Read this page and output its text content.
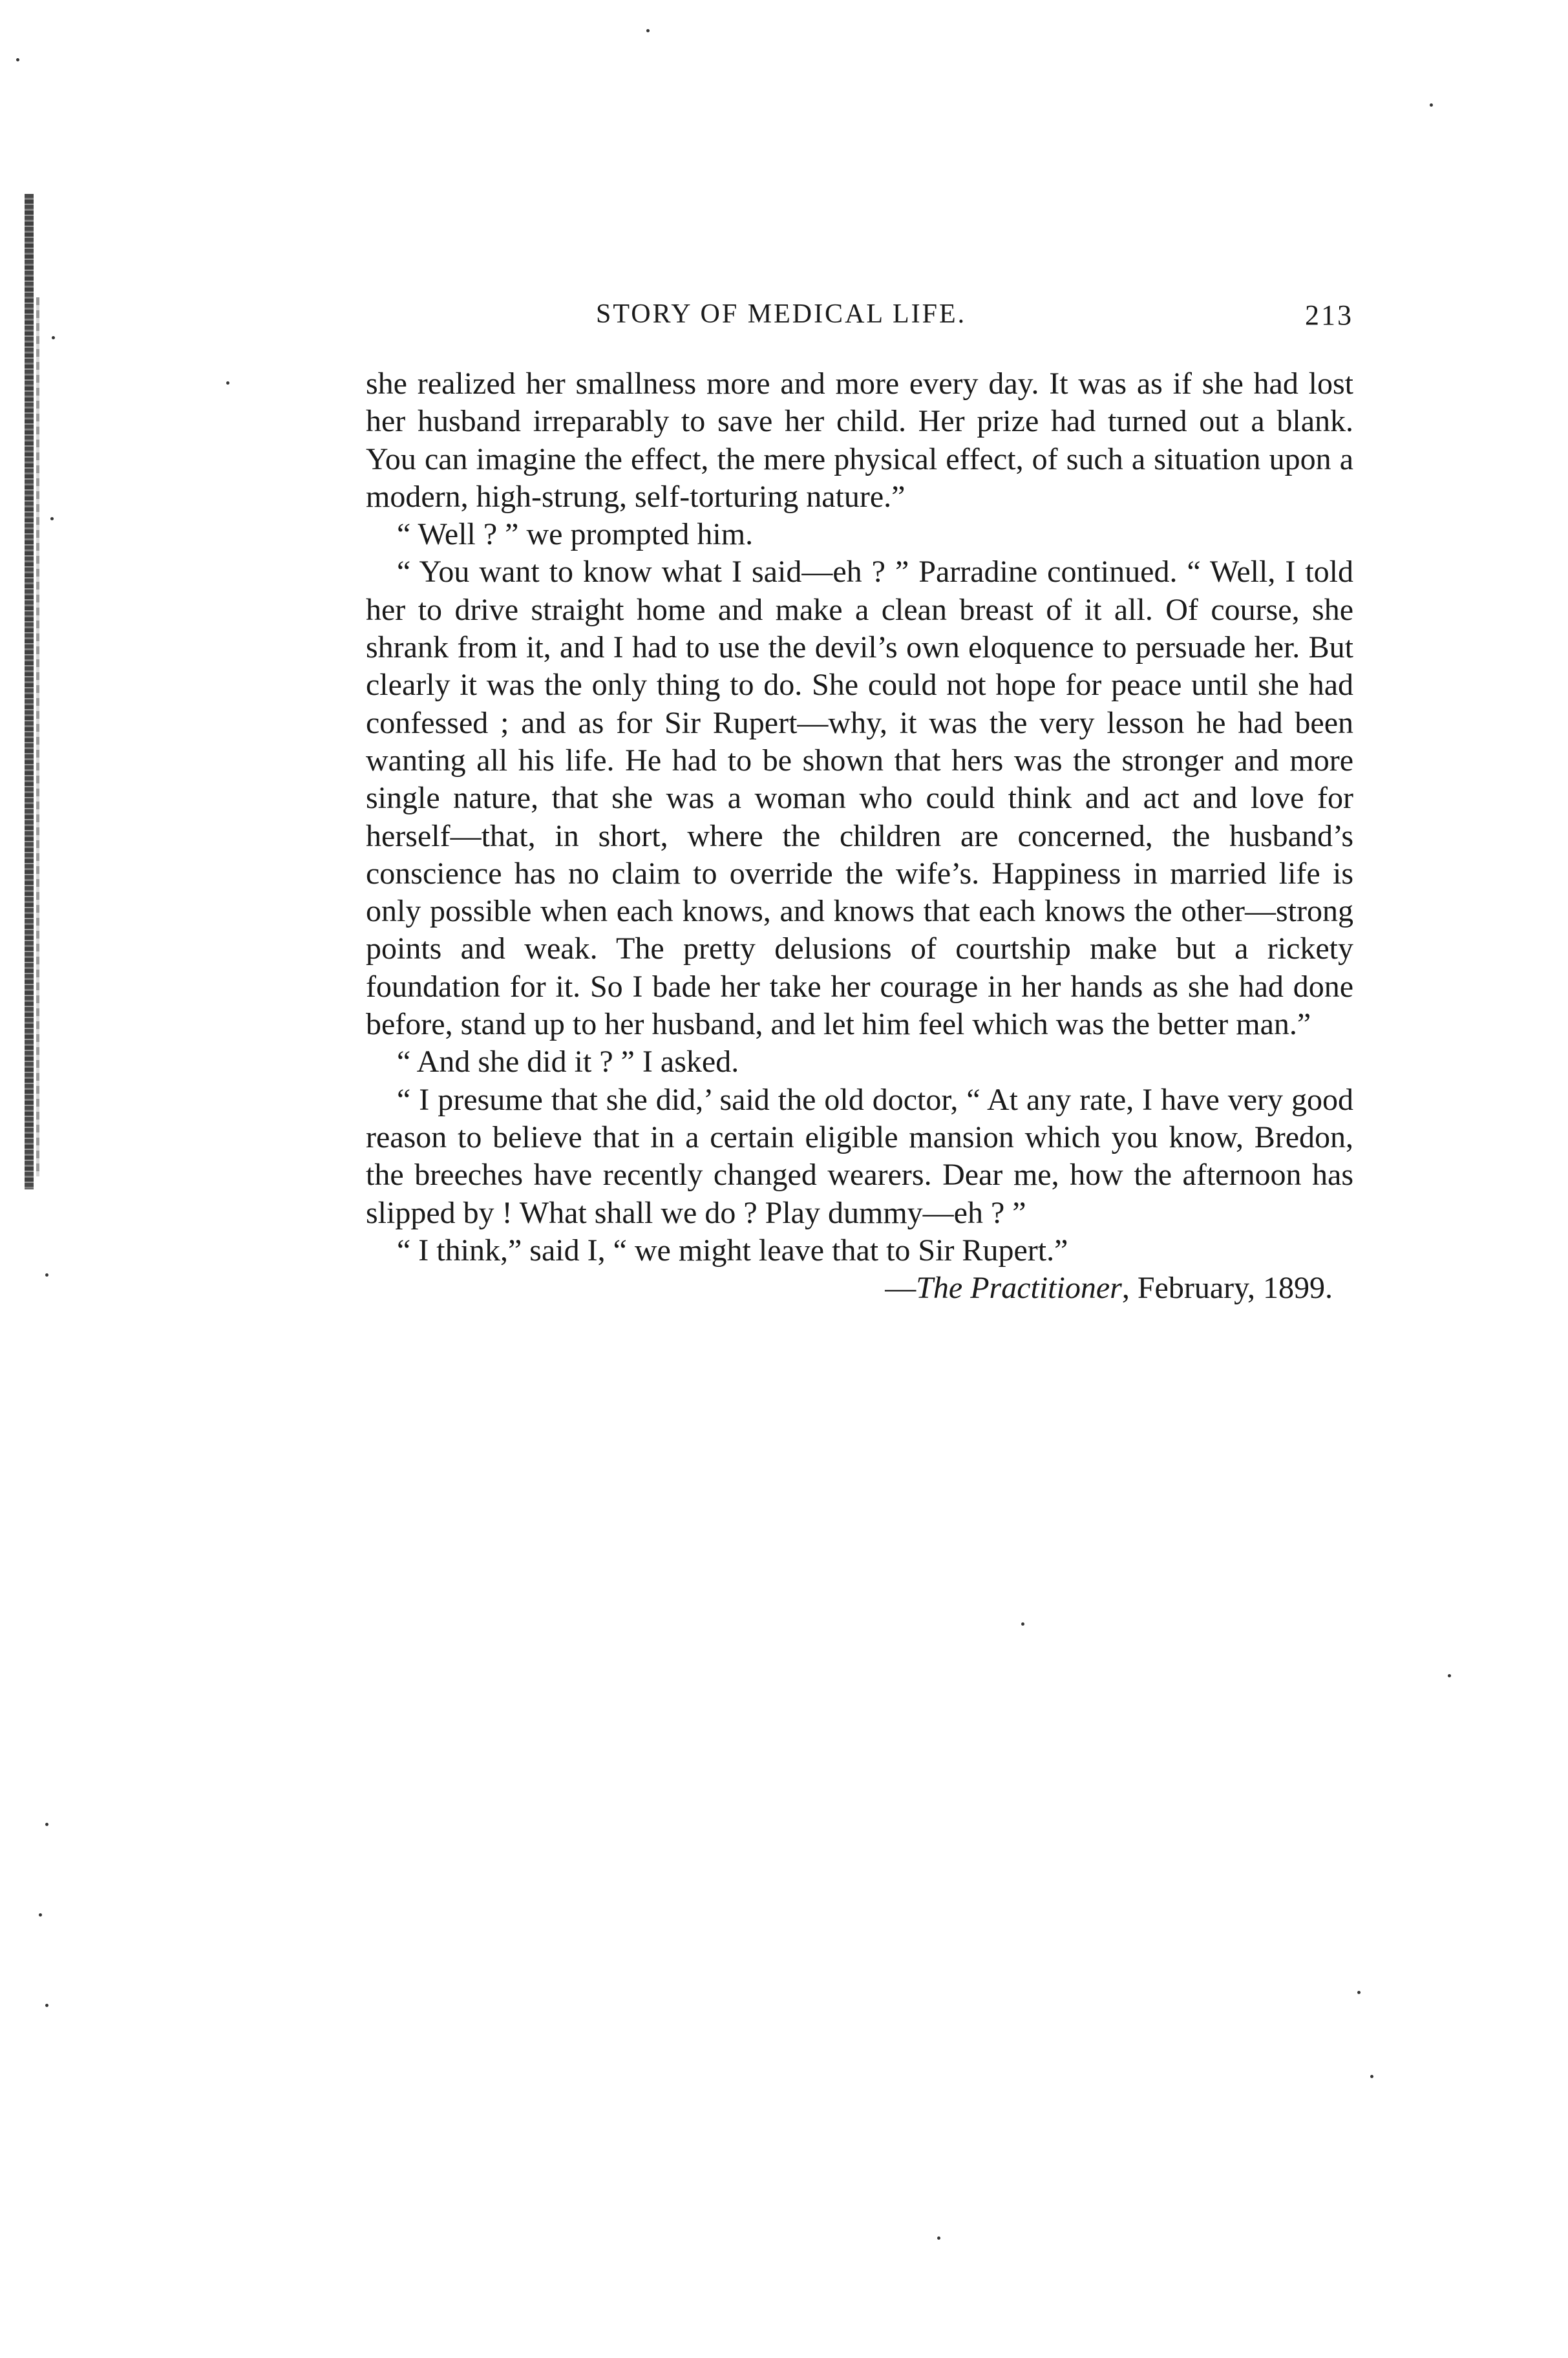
STORY OF MEDICAL LIFE.	213

she realized her smallness more and more every day. It was as if she had lost her husband irreparably to save her child. Her prize had turned out a blank. You can imagine the effect, the mere physical effect, of such a situation upon a modern, high-strung, self-torturing nature.”

“ Well ? ” we prompted him.

“ You want to know what I said—eh ? ” Parradine continued. “ Well, I told her to drive straight home and make a clean breast of it all. Of course, she shrank from it, and I had to use the devil’s own eloquence to persuade her. But clearly it was the only thing to do. She could not hope for peace until she had confessed ; and as for Sir Rupert—why, it was the very lesson he had been wanting all his life. He had to be shown that hers was the stronger and more single nature, that she was a woman who could think and act and love for herself—that, in short, where the children are concerned, the husband’s conscience has no claim to override the wife’s. Happiness in married life is only possible when each knows, and knows that each knows the other—strong points and weak. The pretty delusions of courtship make but a rickety foundation for it. So I bade her take her courage in her hands as she had done before, stand up to her husband, and let him feel which was the better man.”

“ And she did it ? ” I asked.

“ I presume that she did,’ said the old doctor, “ At any rate, I have very good reason to believe that in a certain eligible mansion which you know, Bredon, the breeches have recently changed wearers. Dear me, how the afternoon has slipped by ! What shall we do ? Play dummy—eh ? ”

“ I think,” said I, “ we might leave that to Sir Rupert.”

—The Practitioner, February, 1899.
